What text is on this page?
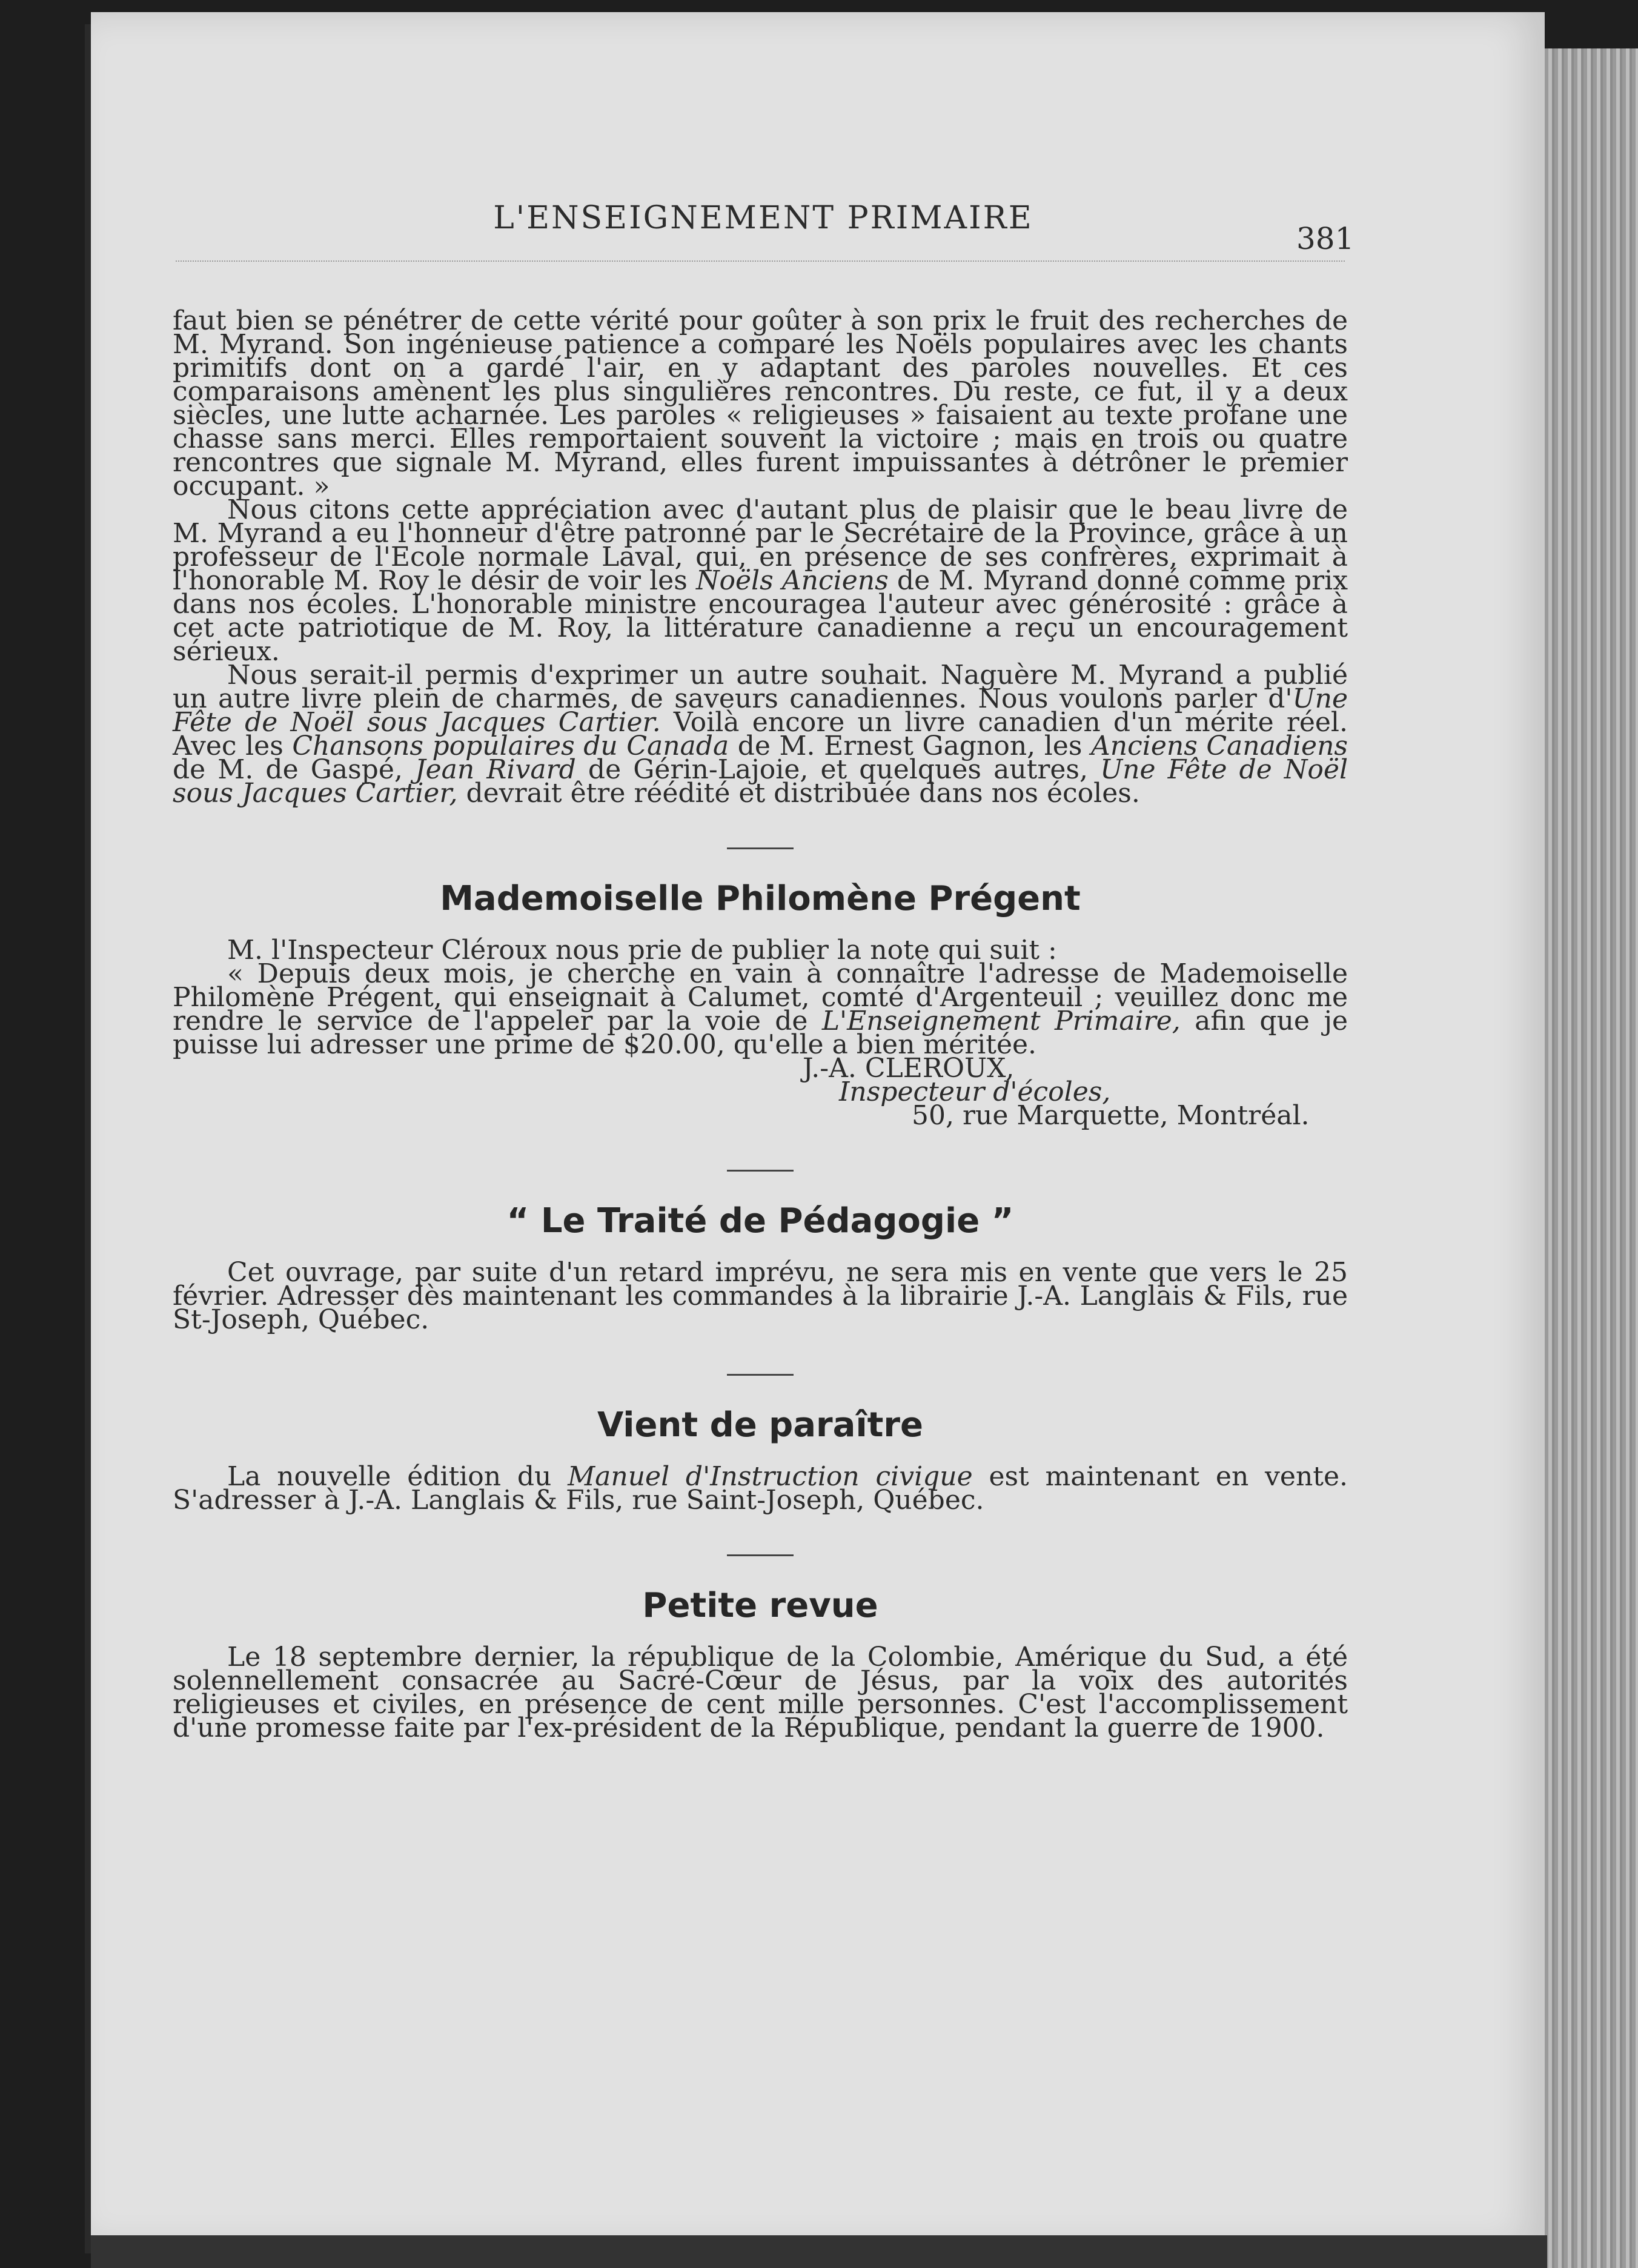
L'ENSEIGNEMENT PRIMAIRE
381

faut bien se pénétrer de cette vérité pour goûter à son prix le fruit des recherches de M. Myrand. Son ingénieuse patience a comparé les Noëls populaires avec les chants primitifs dont on a gardé l'air, en y adaptant des paroles nouvelles. Et ces comparaisons amènent les plus singulières rencontres. Du reste, ce fut, il y a deux siècles, une lutte acharnée. Les paroles « religieuses » faisaient au texte profane une chasse sans merci. Elles remportaient souvent la victoire ; mais en trois ou quatre rencontres que signale M. Myrand, elles furent impuissantes à détrôner le premier occupant. »

Nous citons cette appréciation avec d'autant plus de plaisir que le beau livre de M. Myrand a eu l'honneur d'être patronné par le Secrétaire de la Province, grâce à un professeur de l'Ecole normale Laval, qui, en présence de ses confrères, exprimait à l'honorable M. Roy le désir de voir les Noëls Anciens de M. Myrand donné comme prix dans nos écoles. L'honorable ministre encouragea l'auteur avec générosité : grâce à cet acte patriotique de M. Roy, la littérature canadienne a reçu un encouragement sérieux.

Nous serait-il permis d'exprimer un autre souhait. Naguère M. Myrand a publié un autre livre plein de charmes, de saveurs canadiennes. Nous voulons parler d'Une Fête de Noël sous Jacques Cartier. Voilà encore un livre canadien d'un mérite réel. Avec les Chansons populaires du Canada de M. Ernest Gagnon, les Anciens Canadiens de M. de Gaspé, Jean Rivard de Gérin-Lajoie, et quelques autres, Une Fête de Noël sous Jacques Cartier, devrait être réédité et distribuée dans nos écoles.

Mademoiselle Philomène Prégent

M. l'Inspecteur Cléroux nous prie de publier la note qui suit :

« Depuis deux mois, je cherche en vain à connaître l'adresse de Mademoiselle Philomène Prégent, qui enseignait à Calumet, comté d'Argenteuil ; veuillez donc me rendre le service de l'appeler par la voie de L'Enseignement Primaire, afin que je puisse lui adresser une prime de $20.00, qu'elle a bien méritée.

J.-A. CLEROUX,

Inspecteur d'écoles,

50, rue Marquette, Montréal.

“ Le Traité de Pédagogie ”

Cet ouvrage, par suite d'un retard imprévu, ne sera mis en vente que vers le 25 février. Adresser dès maintenant les commandes à la librairie J.-A. Langlais & Fils, rue St-Joseph, Québec.

Vient de paraître

La nouvelle édition du Manuel d'Instruction civique est maintenant en vente. S'adresser à J.-A. Langlais & Fils, rue Saint-Joseph, Québec.

Petite revue

Le 18 septembre dernier, la république de la Colombie, Amérique du Sud, a été solennellement consacrée au Sacré-Cœur de Jésus, par la voix des autorités religieuses et civiles, en présence de cent mille personnes. C'est l'accomplissement d'une promesse faite par l'ex-président de la République, pendant la guerre de 1900.
